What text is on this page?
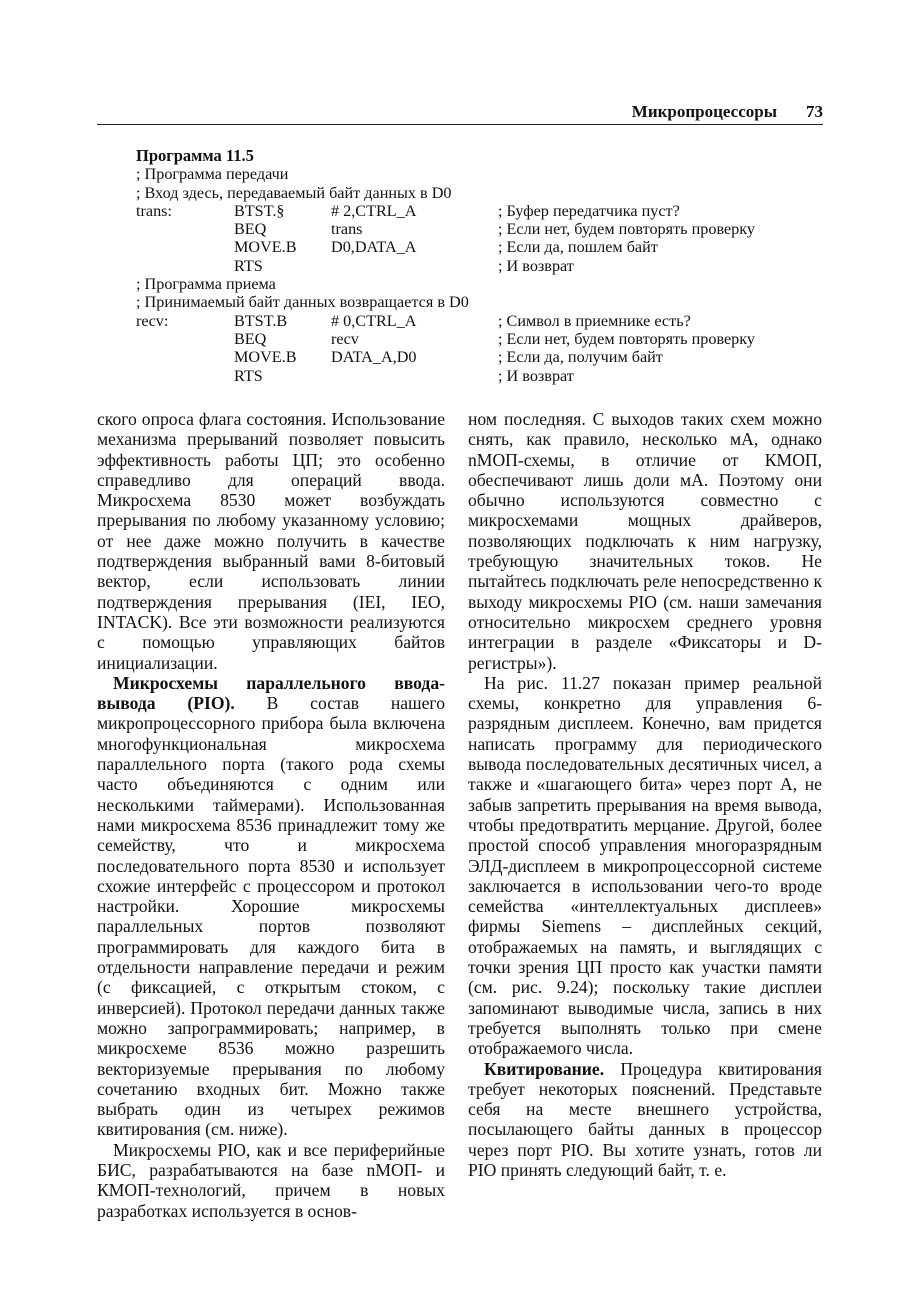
Микропроцессоры 73
Программа 11.5
; Программа передачи
; Вход здесь, передаваемый байт данных в D0
trans:	BTST.§	# 2,CTRL_A	; Буфер передатчика пуст?
BEQ	trans	; Если нет, будем повторять проверку
MOVE.B D0,DATA_A	; Если да, пошлем байт
RTS	; И возврат
; Программа приема
; Принимаемый байт данных возвращается в D0
recv:	BTST.B	# 0,CTRL_A	; Символ в приемнике есть?
BEQ	recv	; Если нет, будем повторять проверку
MOVE.B DATA_A,D0	; Если да, получим байт
RTS	; И возврат

ского опроса флага состояния. Использование механизма прерываний позволяет повысить эффективность работы ЦП; это особенно справедливо для операций ввода. Микросхема 8530 может возбуждать прерывания по любому указанному условию; от нее даже можно получить в качестве подтверждения выбранный вами 8-битовый вектор, если использовать линии подтверждения прерывания (IEI, IEO, INTACK). Все эти возможности реализуются с помощью управляющих байтов инициализации.

Микросхемы параллельного ввода-вывода (PIO). В состав нашего микропроцессорного прибора была включена многофункциональная микросхема параллельного порта (такого рода схемы часто объединяются с одним или несколькими таймерами). Использованная нами микросхема 8536 принадлежит тому же семейству, что и микросхема последовательного порта 8530 и использует схожие интерфейс с процессором и протокол настройки. Хорошие микросхемы параллельных портов позволяют программировать для каждого бита в отдельности направление передачи и режим (с фиксацией, с открытым стоком, с инверсией). Протокол передачи данных также можно запрограммировать; например, в микросхеме 8536 можно разрешить векторизуемые прерывания по любому сочетанию входных бит. Можно также выбрать один из четырех режимов квитирования (см. ниже).

Микросхемы PIO, как и все периферийные БИС, разрабатываются на базе nМОП- и КМОП-технологий, причем в новых разработках используется в основ-

ном последняя. С выходов таких схем можно снять, как правило, несколько мА, однако nМОП-схемы, в отличие от КМОП, обеспечивают лишь доли мА. Поэтому они обычно используются совместно с микросхемами мощных драйверов, позволяющих подключать к ним нагрузку, требующую значительных токов. Не пытайтесь подключать реле непосредственно к выходу микросхемы PIO (см. наши замечания относительно микросхем среднего уровня интеграции в разделе «Фиксаторы и D-регистры»).

На рис. 11.27 показан пример реальной схемы, конкретно для управления 6-разрядным дисплеем. Конечно, вам придется написать программу для периодического вывода последовательных десятичных чисел, а также и «шагающего бита» через порт А, не забыв запретить прерывания на время вывода, чтобы предотвратить мерцание. Другой, более простой способ управления многоразрядным ЭЛД-дисплеем в микропроцессорной системе заключается в использовании чего-то вроде семейства «интеллектуальных дисплеев» фирмы Siemens – дисплейных секций, отображаемых на память, и выглядящих с точки зрения ЦП просто как участки памяти (см. рис. 9.24); поскольку такие дисплеи запоминают выводимые числа, запись в них требуется выполнять только при смене отображаемого числа.

Квитирование. Процедура квитирования требует некоторых пояснений. Представьте себя на месте внешнего устройства, посылающего байты данных в процессор через порт PIO. Вы хотите узнать, готов ли PIO принять следующий байт, т. е.
